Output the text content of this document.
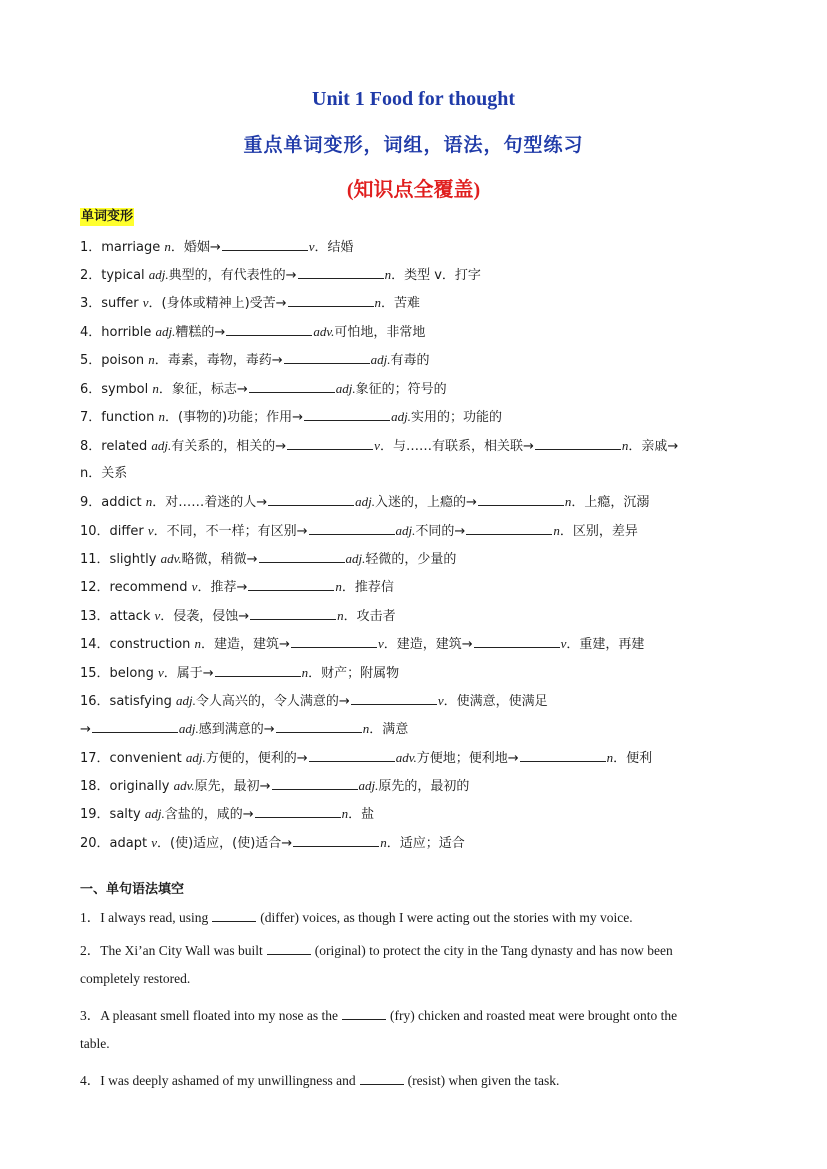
Unit 1 Food for thought
重点单词变形，词组，语法，句型练习
(知识点全覆盖)
单词变形
1．marriage n．婚姻→	v．结婚
2．typical adj.典型的，有代表性的→	n．类型 v．打字
3．suffer v．(身体或精神上)受苦→	n．苦难
4．horrible adj.糟糕的→	adv.可怕地，非常地
5．poison n．毒素，毒物，毒药→	adj.有毒的
6．symbol n．象征，标志→	adj.象征的；符号的
7．function n．(事物的)功能；作用→	adj.实用的；功能的
8．related adj.有关系的，相关的→	v．与……有联系，相关联→	n．亲戚→
n．关系
9．addict n．对……着迷的人→	adj.入迷的，上瘾的→	n．上瘾，沉溺
10．differ v．不同，不一样；有区别→	adj.不同的→	n．区别，差异
11．slightly adv.略微，稍微→	adj.轻微的，少量的
12．recommend v．推荐→	n．推荐信
13．attack v．侵袭，侵蚀→	n．攻击者
14．construction n．建造，建筑→	v．建造，建筑→	v．重建，再建
15．belong v．属于→	n．财产；附属物
16．satisfying adj.令人高兴的，令人满意的→	v．使满意，使满足
→	adj.感到满意的→	n．满意
17．convenient adj.方便的，便利的→	adv.方便地；便利地→	n．便利
18．originally adv.原先，最初→	adj.原先的，最初的
19．salty adj.含盐的，咸的→	n．盐
20．adapt v．(使)适应，(使)适合→	n．适应；适合
一、单句语法填空
1．I always read, using	(differ) voices, as though I were acting out the stories with my voice.
2．The Xi’an City Wall was built	(original) to protect the city in the Tang dynasty and has now been
completely restored.
3．A pleasant smell floated into my nose as the	(fry) chicken and roasted meat were brought onto the
table.
4．I was deeply ashamed of my unwillingness and	(resist) when given the task.
